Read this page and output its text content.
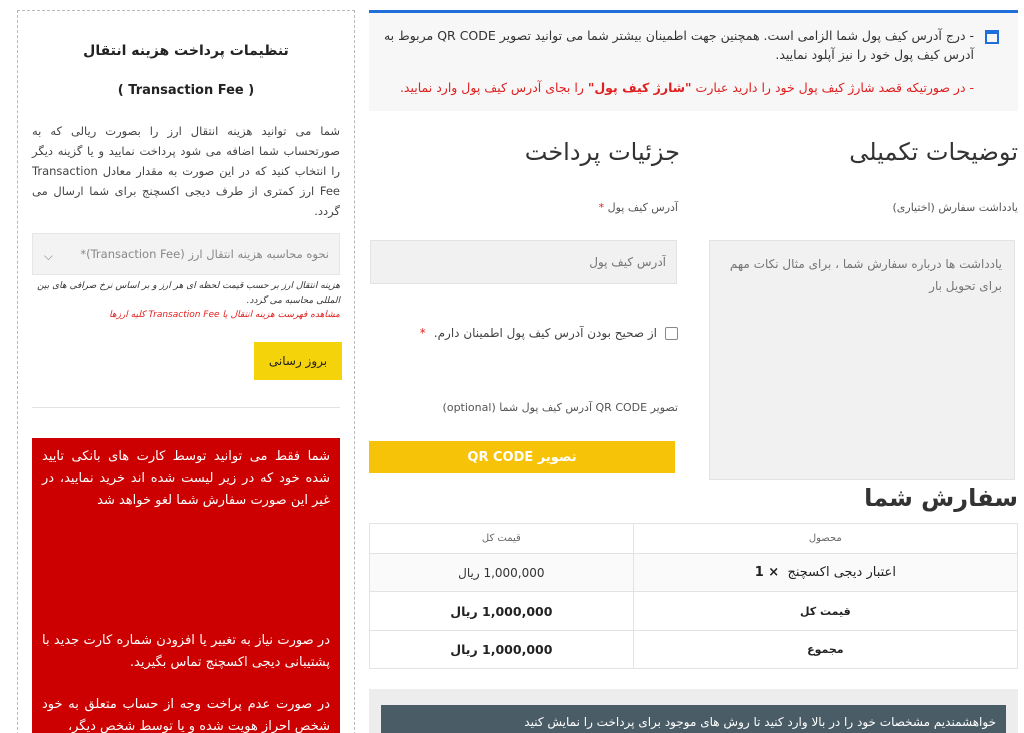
تنظیمات پرداخت هزینه انتقال
( Transaction Fee )
شما می توانید هزینه انتقال ارز را بصورت ریالی که به صورتحساب شما اضافه می شود پرداخت نمایید و یا گزینه دیگر را انتخاب کنید که در این صورت به مقدار معادل Transaction Fee ارز کمتری از طرف دیجی اکسچنج برای شما ارسال می گردد.
نحوه محاسبه هزینه انتقال ارز (Transaction Fee)*
⌵
هزینه انتقال ارز بر حسب قیمت لحظه ای هر ارز و بر اساس نرخ صرافی های بین المللی محاسبه می گردد.
مشاهده فهرست هزینه انتقال یا Transaction Fee کلیه ارزها
بروز رسانی

شما فقط می توانید توسط کارت های بانکی تایید شده خود که در زیر لیست شده اند خرید نمایید، در غیر این صورت سفارش شما لغو خواهد شد

در صورت نیاز به تغییر یا افزودن شماره کارت جدید با پشتیبانی دیجی اکسچنج تماس بگیرید.

در صورت عدم پراخت وجه از حساب متعلق به خود شخص احراز هویت شده و یا توسط شخص دیگر،

- درج آدرس کیف پول شما الزامی است. همچنین جهت اطمینان بیشتر شما می توانید تصویر QR CODE مربوط به آدرس کیف پول خود را نیز آپلود نمایید.
- در صورتیکه قصد شارژ کیف پول خود را دارید عبارت "شارژ کیف پول" را بجای آدرس کیف پول وارد نمایید.
توضیحات تکمیلی
یادداشت سفارش (اختیاری)
یادداشت ها درباره سفارش شما ، برای مثال نکات مهم برای تحویل بار
جزئیات پرداخت
آدرس کیف پول *
آدرس کیف پول
از صحیح بودن آدرس کیف پول اطمینان دارم.
*
تصویر QR CODE آدرس کیف پول شما (optional)
تصویر QR CODE
سفارش شما
محصول	قیمت کل
اعتبار دیجی اکسچنج  × 1	1,000,000 ریال
قیمت کل	1,000,000 ریال
مجموع	1,000,000 ریال
خواهشمندیم مشخصات خود را در بالا وارد کنید تا روش های موجود برای پرداخت را نمایش کنید
